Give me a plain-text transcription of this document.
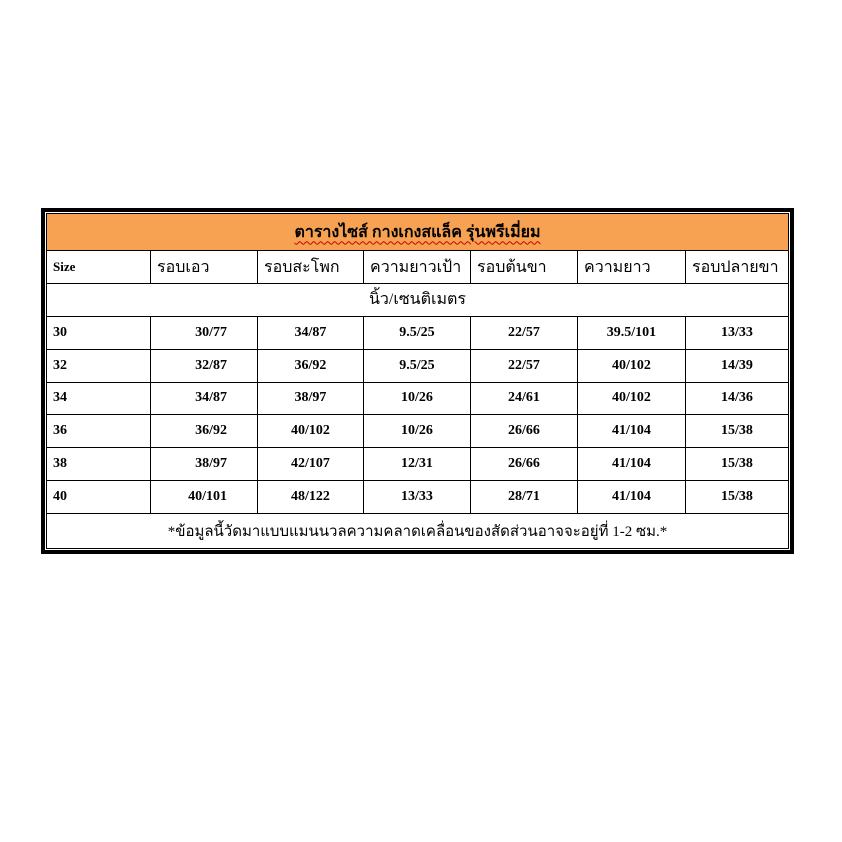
ตารางไซส์ กางเกงสแล็ค รุ่นพรีเมี่ยม						
Size	รอบเอว	รอบสะโพก	ความยาวเป้า	รอบต้นขา	ความยาว	รอบปลายขา
นิ้ว/เซนติเมตร						
30	30/77	34/87	9.5/25	22/57	39.5/101	13/33
32	32/87	36/92	9.5/25	22/57	40/102	14/39
34	34/87	38/97	10/26	24/61	40/102	14/36
36	36/92	40/102	10/26	26/66	41/104	15/38
38	38/97	42/107	12/31	26/66	41/104	15/38
40	40/101	48/122	13/33	28/71	41/104	15/38
*ข้อมูลนี้วัดมาแบบแมนนวลความคลาดเคลื่อนของสัดส่วนอาจจะอยู่ที่ 1-2 ซม.*						
